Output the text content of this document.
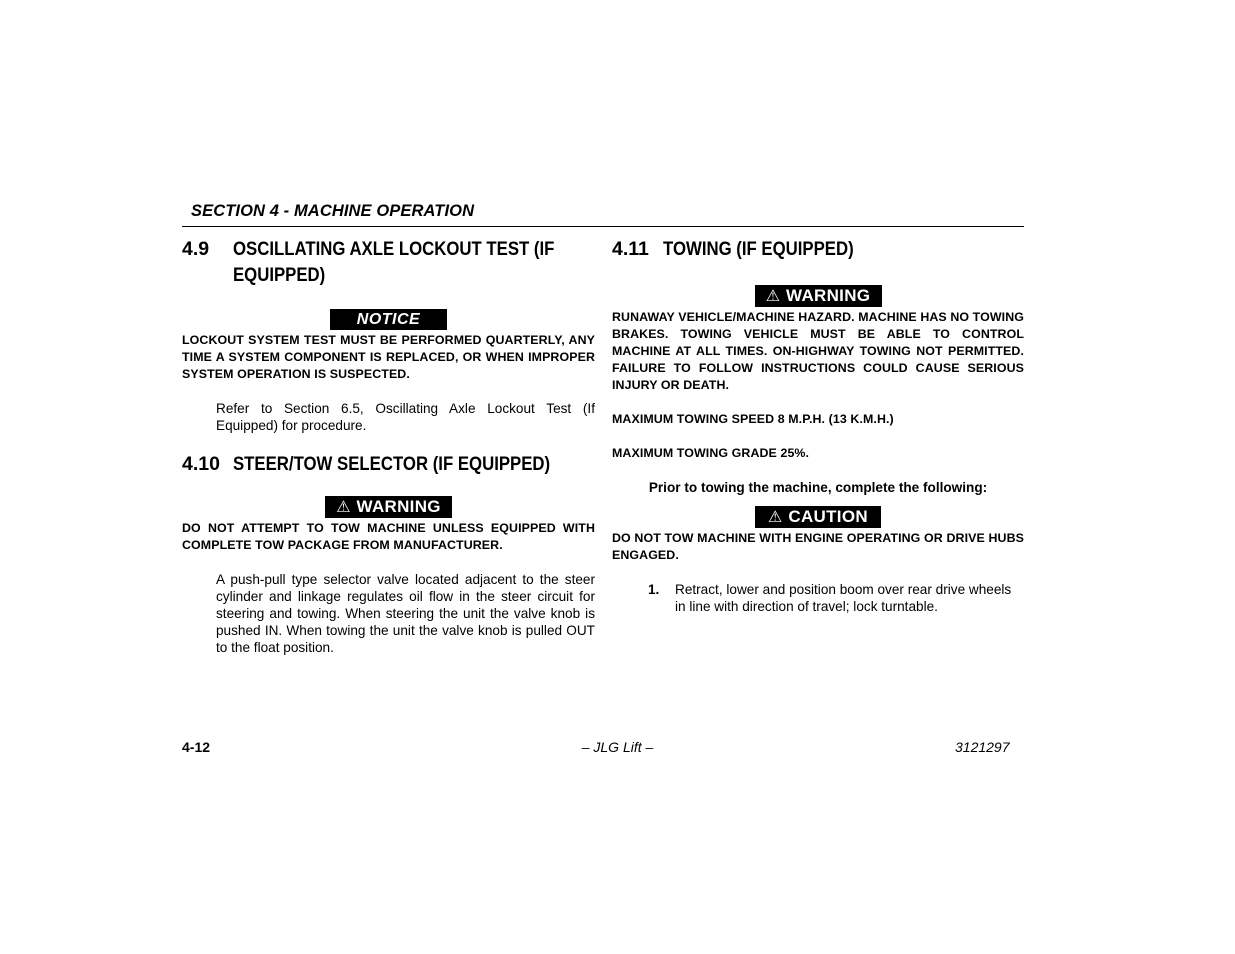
SECTION 4 - MACHINE OPERATION
4.9	OSCILLATING AXLE LOCKOUT TEST (IF
EQUIPPED)
NOTICE
LOCKOUT SYSTEM TEST MUST BE PERFORMED QUARTERLY, ANY TIME A SYSTEM COMPONENT IS REPLACED, OR WHEN IMPROPER SYSTEM OPERATION IS SUSPECTED.
Refer to Section 6.5, Oscillating Axle Lockout Test (If Equipped) for procedure.
4.10 STEER/TOW SELECTOR (IF EQUIPPED)
⚠ WARNING
DO NOT ATTEMPT TO TOW MACHINE UNLESS EQUIPPED WITH COMPLETE TOW PACKAGE FROM MANUFACTURER.
A push-pull type selector valve located adjacent to the steer cylinder and linkage regulates oil flow in the steer circuit for steering and towing. When steering the unit the valve knob is pushed IN. When towing the unit the valve knob is pulled OUT to the float position.
4.11 TOWING (IF EQUIPPED)
⚠ WARNING
RUNAWAY VEHICLE/MACHINE HAZARD. MACHINE HAS NO TOWING BRAKES. TOWING VEHICLE MUST BE ABLE TO CONTROL MACHINE AT ALL TIMES. ON-HIGHWAY TOWING NOT PERMITTED. FAILURE TO FOLLOW INSTRUCTIONS COULD CAUSE SERIOUS INJURY OR DEATH.
MAXIMUM TOWING SPEED 8 M.P.H. (13 K.M.H.)
MAXIMUM TOWING GRADE 25%.
Prior to towing the machine, complete the following:
⚠ CAUTION
DO NOT TOW MACHINE WITH ENGINE OPERATING OR DRIVE HUBS ENGAGED.
1.	Retract, lower and position boom over rear drive wheels in line with direction of travel; lock turntable.
4-12	– JLG Lift –	3121297
